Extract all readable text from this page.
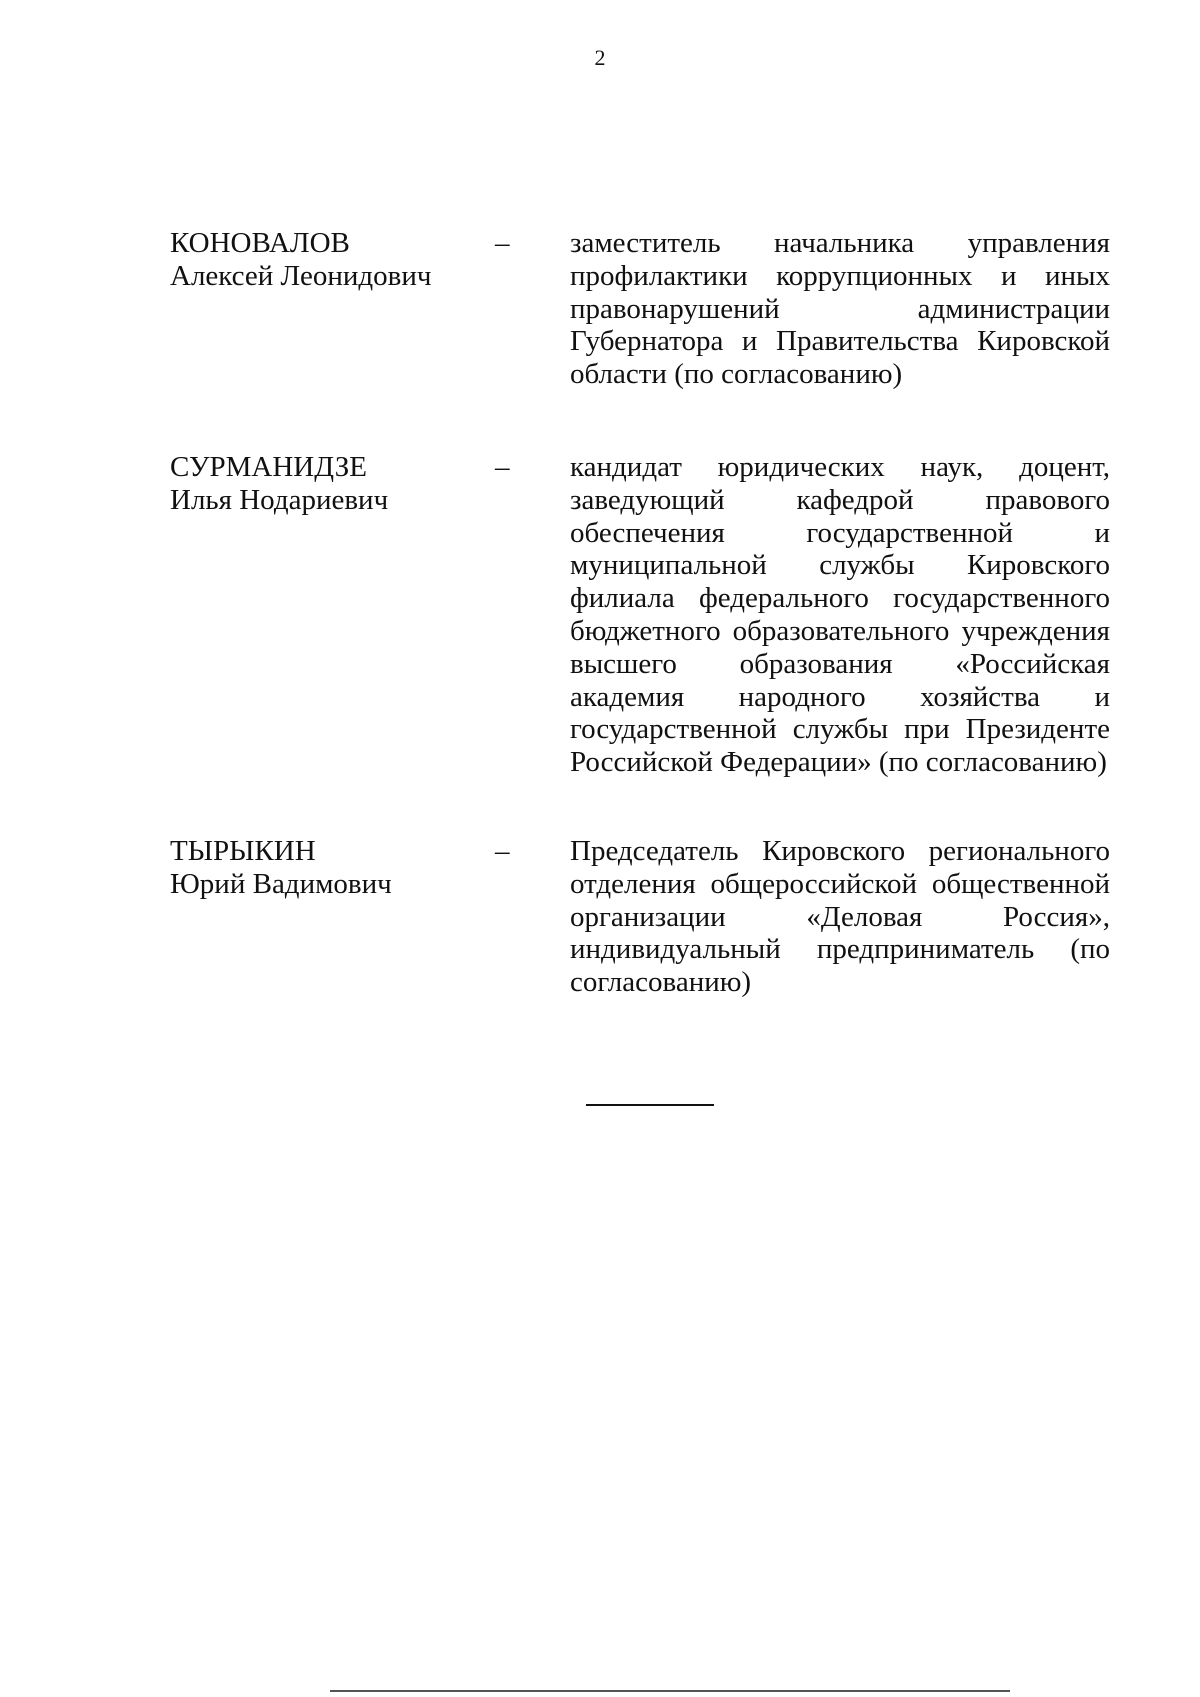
2
КОНОВАЛОВ
Алексей Леонидович
–	заместитель начальника управления профилактики коррупционных и иных правонарушений администрации Губернатора и Правительства Кировской области (по согласованию)
СУРМАНИДЗЕ
Илья Нодариевич
–	кандидат юридических наук, доцент, заведующий кафедрой правового обеспечения государственной и муниципальной службы Кировского филиала федерального государственного бюджетного образовательного учреждения высшего образования «Российская академия народного хозяйства и государственной службы при Президенте Российской Федерации» (по согласованию)
ТЫРЫКИН
Юрий Вадимович
–	Председатель Кировского регионального отделения общероссийской общественной организации «Деловая Россия», индивидуальный предприниматель (по согласованию)
